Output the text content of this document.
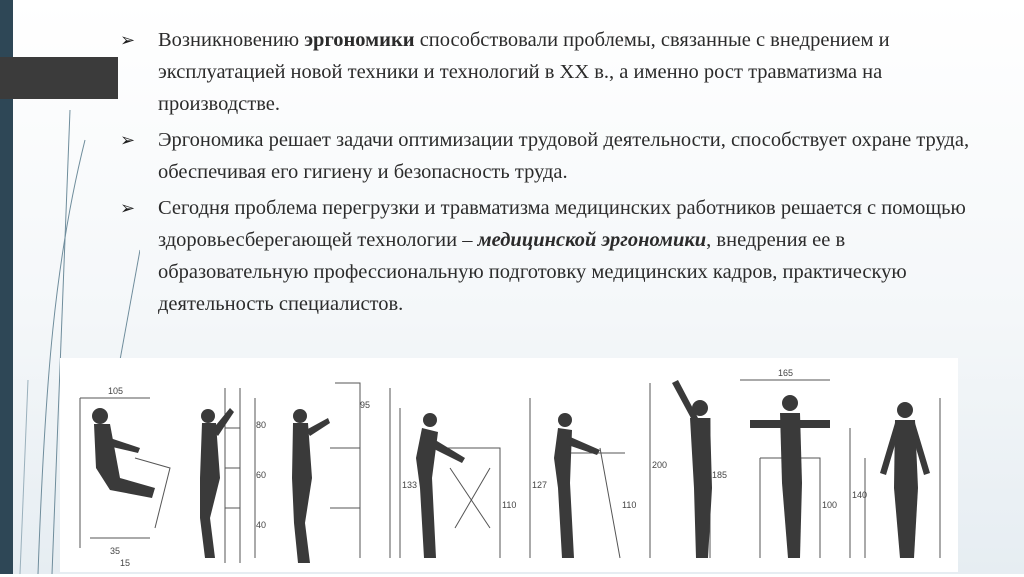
➢ Возникновению эргономики способствовали проблемы, связанные с внедрением и эксплуатацией новой техники и технологий в ХХ в., а именно рост травматизма на производстве.
➢ Эргономика решает задачи оптимизации трудовой деятельности, способствует охране труда, обеспечивая его гигиену и безопасность труда.
➢ Сегодня проблема перегрузки и травматизма медицинских работников решается с помощью здоровьесберегающей технологии – медицинской эргономики, внедрения ее в образовательную профессиональную подготовку медицинских кадров, практическую деятельность специалистов.
105
35
15
95
80
60
40
133
110
127
110
200
185
165
140
100
